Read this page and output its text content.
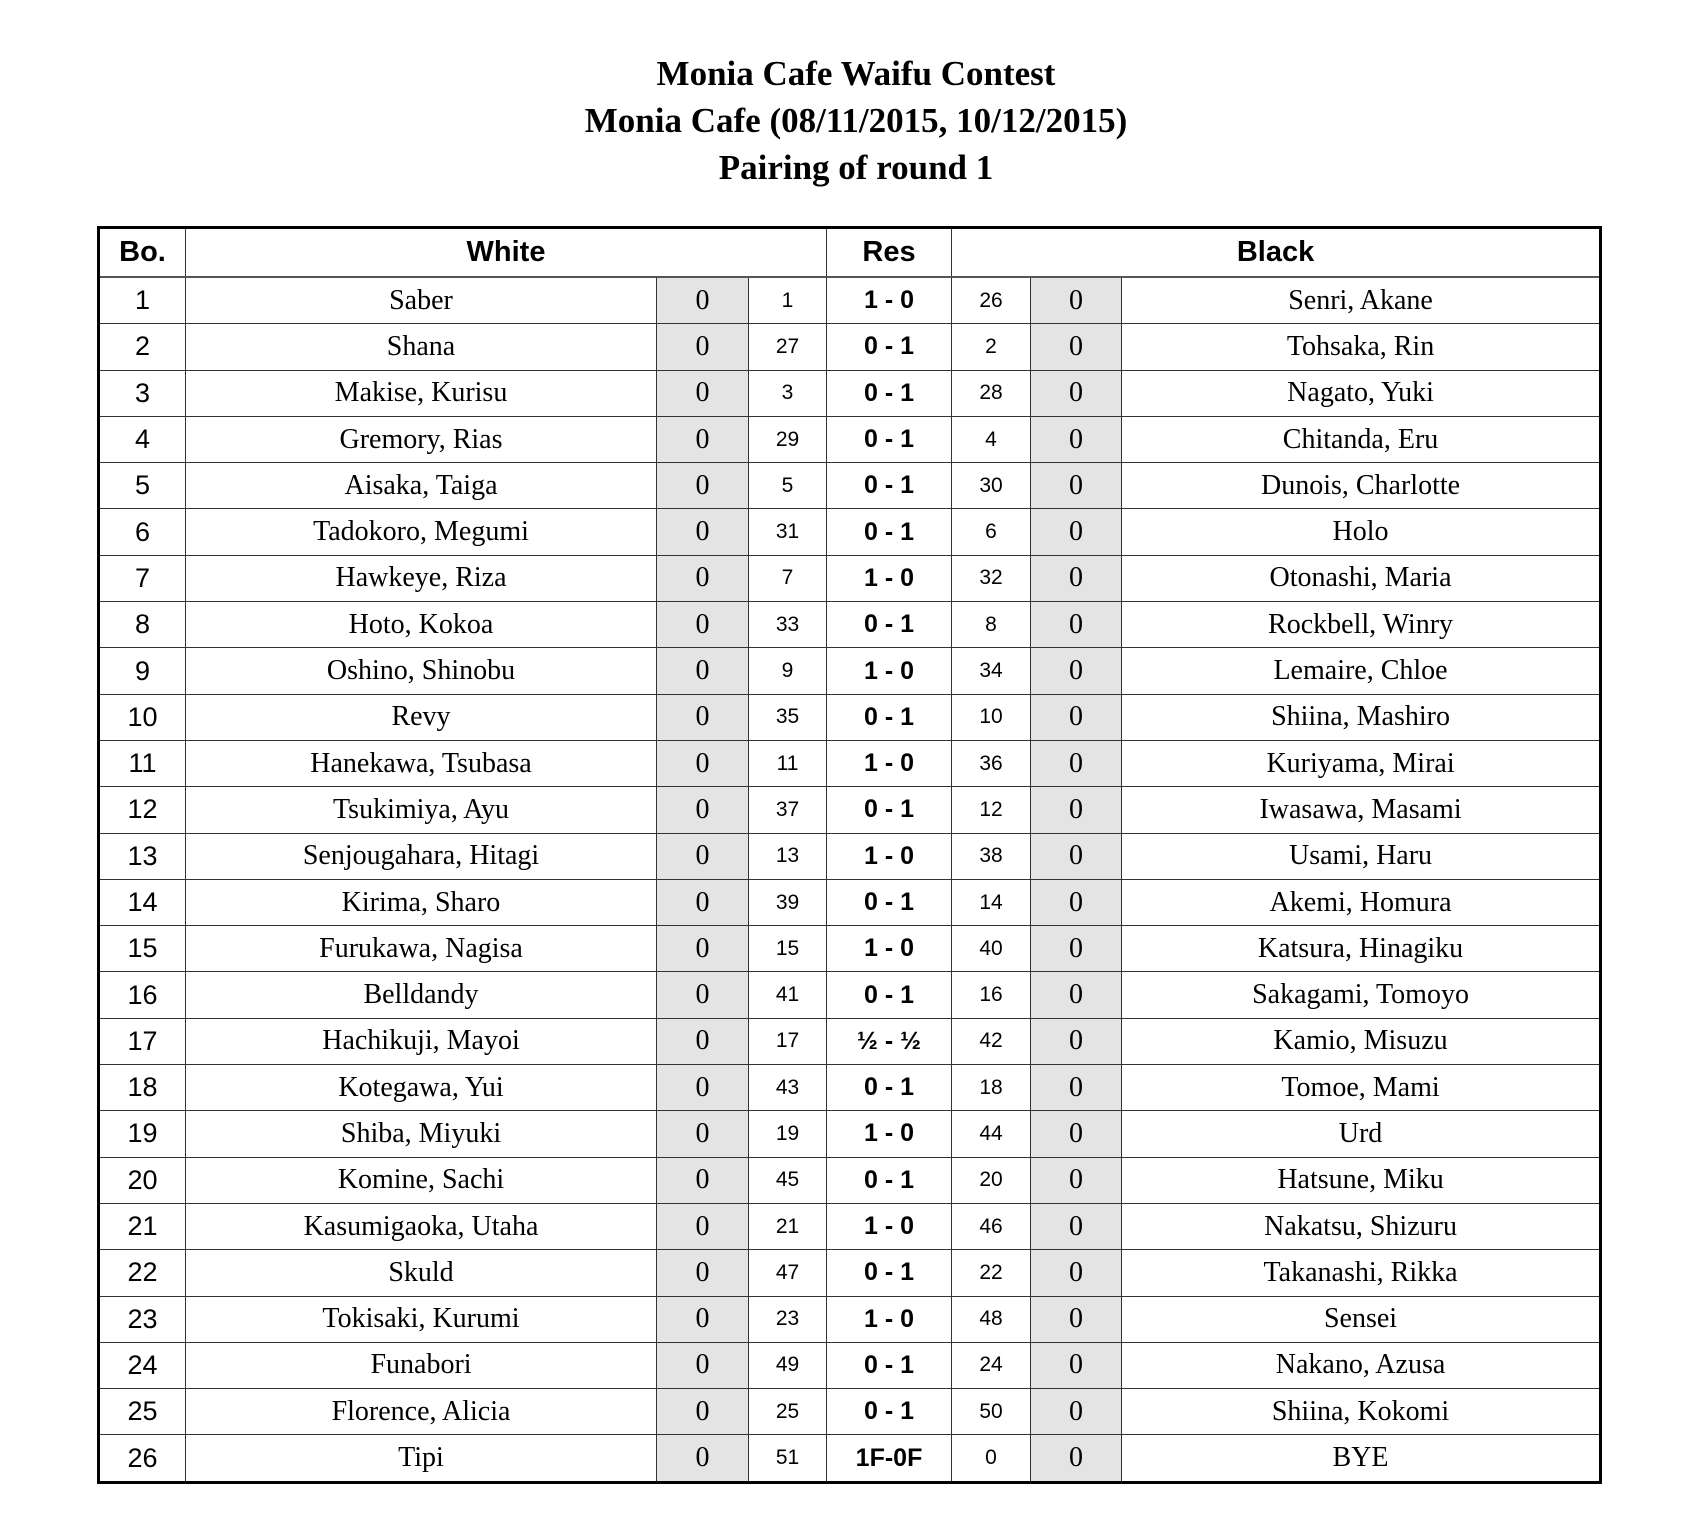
Monia Cafe Waifu Contest
Monia Cafe (08/11/2015, 10/12/2015)
Pairing of round 1
Bo.	White			Res	Black		
1	Saber	0	1	1 - 0	26	0	Senri, Akane
2	Shana	0	27	0 - 1	2	0	Tohsaka, Rin
3	Makise, Kurisu	0	3	0 - 1	28	0	Nagato, Yuki
4	Gremory, Rias	0	29	0 - 1	4	0	Chitanda, Eru
5	Aisaka, Taiga	0	5	0 - 1	30	0	Dunois, Charlotte
6	Tadokoro, Megumi	0	31	0 - 1	6	0	Holo
7	Hawkeye, Riza	0	7	1 - 0	32	0	Otonashi, Maria
8	Hoto, Kokoa	0	33	0 - 1	8	0	Rockbell, Winry
9	Oshino, Shinobu	0	9	1 - 0	34	0	Lemaire, Chloe
10	Revy	0	35	0 - 1	10	0	Shiina, Mashiro
11	Hanekawa, Tsubasa	0	11	1 - 0	36	0	Kuriyama, Mirai
12	Tsukimiya, Ayu	0	37	0 - 1	12	0	Iwasawa, Masami
13	Senjougahara, Hitagi	0	13	1 - 0	38	0	Usami, Haru
14	Kirima, Sharo	0	39	0 - 1	14	0	Akemi, Homura
15	Furukawa, Nagisa	0	15	1 - 0	40	0	Katsura, Hinagiku
16	Belldandy	0	41	0 - 1	16	0	Sakagami, Tomoyo
17	Hachikuji, Mayoi	0	17	½ - ½	42	0	Kamio, Misuzu
18	Kotegawa, Yui	0	43	0 - 1	18	0	Tomoe, Mami
19	Shiba, Miyuki	0	19	1 - 0	44	0	Urd
20	Komine, Sachi	0	45	0 - 1	20	0	Hatsune, Miku
21	Kasumigaoka, Utaha	0	21	1 - 0	46	0	Nakatsu, Shizuru
22	Skuld	0	47	0 - 1	22	0	Takanashi, Rikka
23	Tokisaki, Kurumi	0	23	1 - 0	48	0	Sensei
24	Funabori	0	49	0 - 1	24	0	Nakano, Azusa
25	Florence, Alicia	0	25	0 - 1	50	0	Shiina, Kokomi
26	Tipi	0	51	1F-0F	0	0	BYE
